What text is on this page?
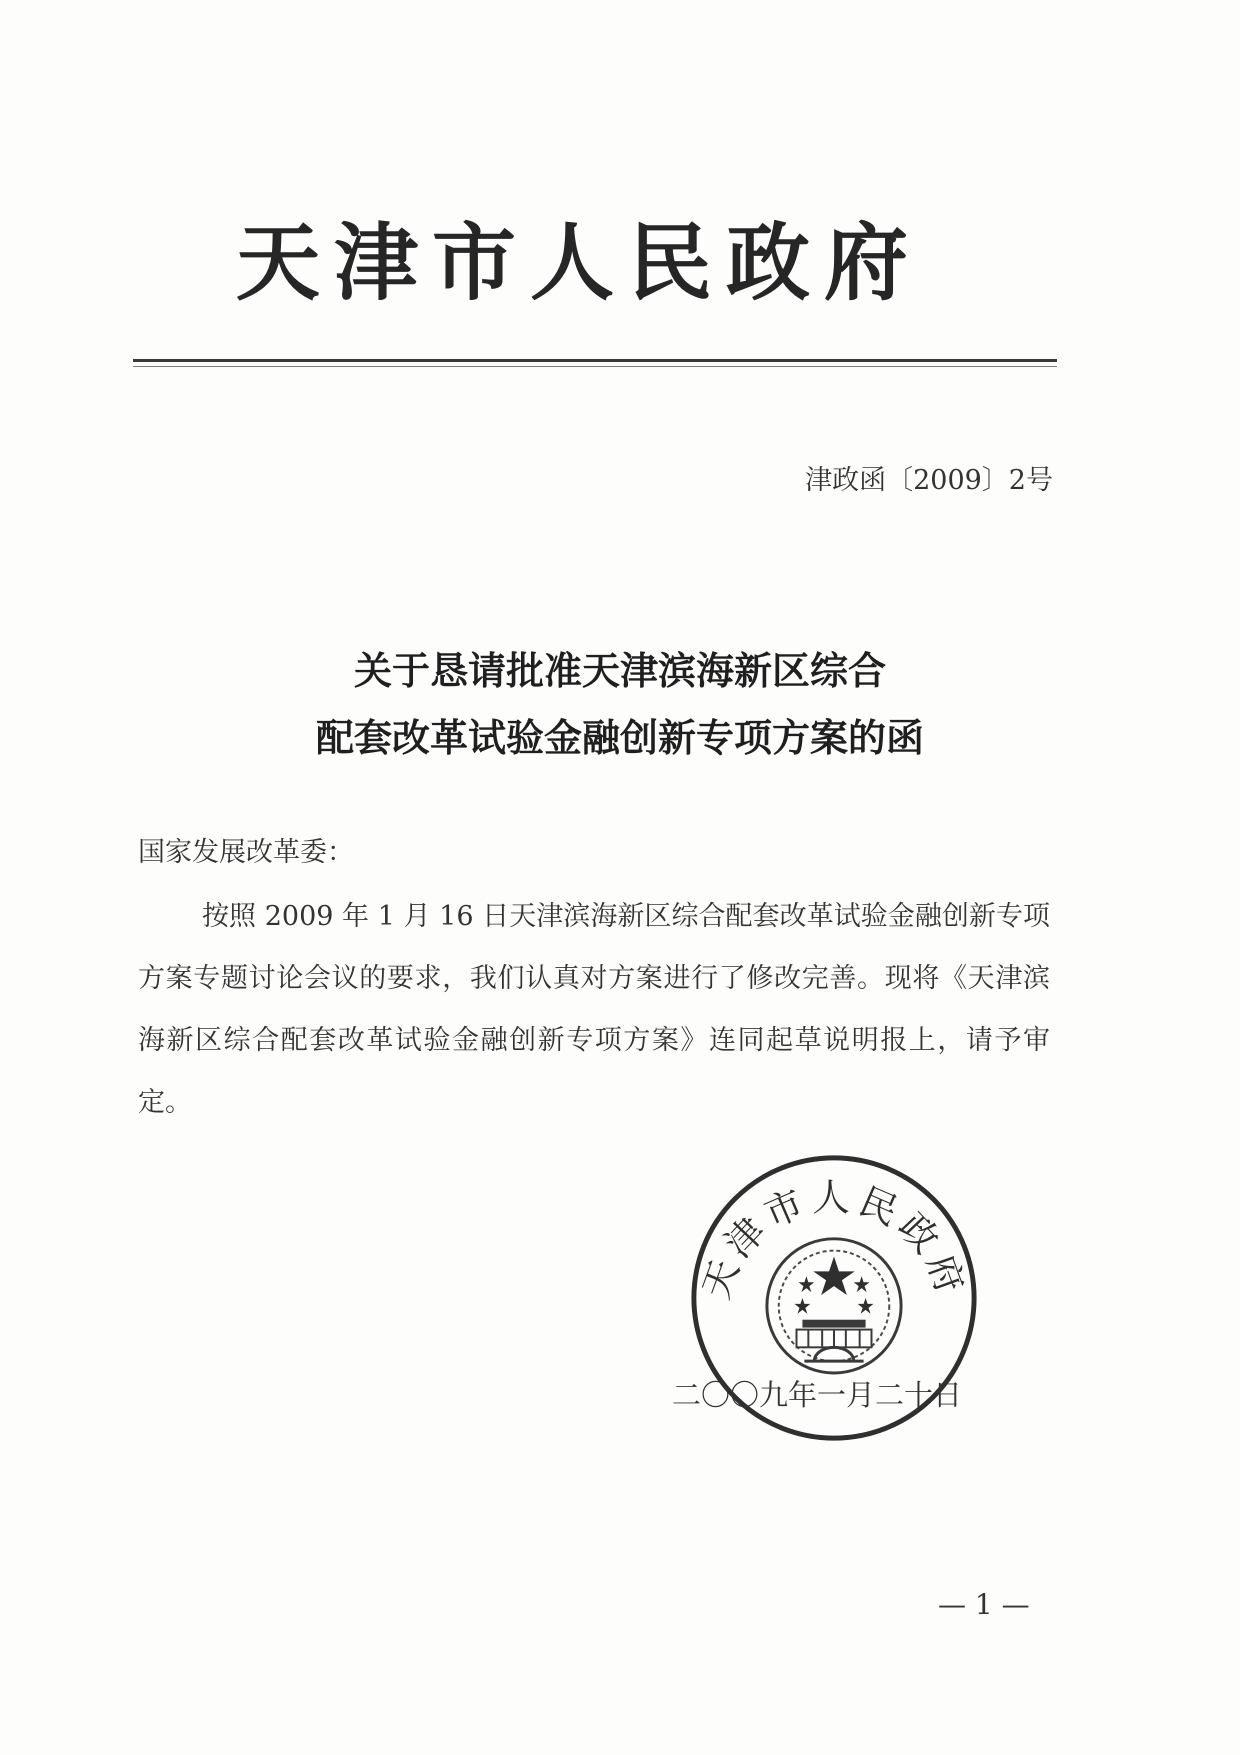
天津市人民政府
津政函〔2009〕2号
关于恳请批准天津滨海新区综合
配套改革试验金融创新专项方案的函
国家发展改革委：

按照 2009 年 1 月 16 日天津滨海新区综合配套改革试验金融创新专项方案专题讨论会议的要求，我们认真对方案进行了修改完善。现将《天津滨海新区综合配套改革试验金融创新专项方案》连同起草说明报上，请予审定。

天津市人民政府
二〇〇九年一月二十日
— 1 —
